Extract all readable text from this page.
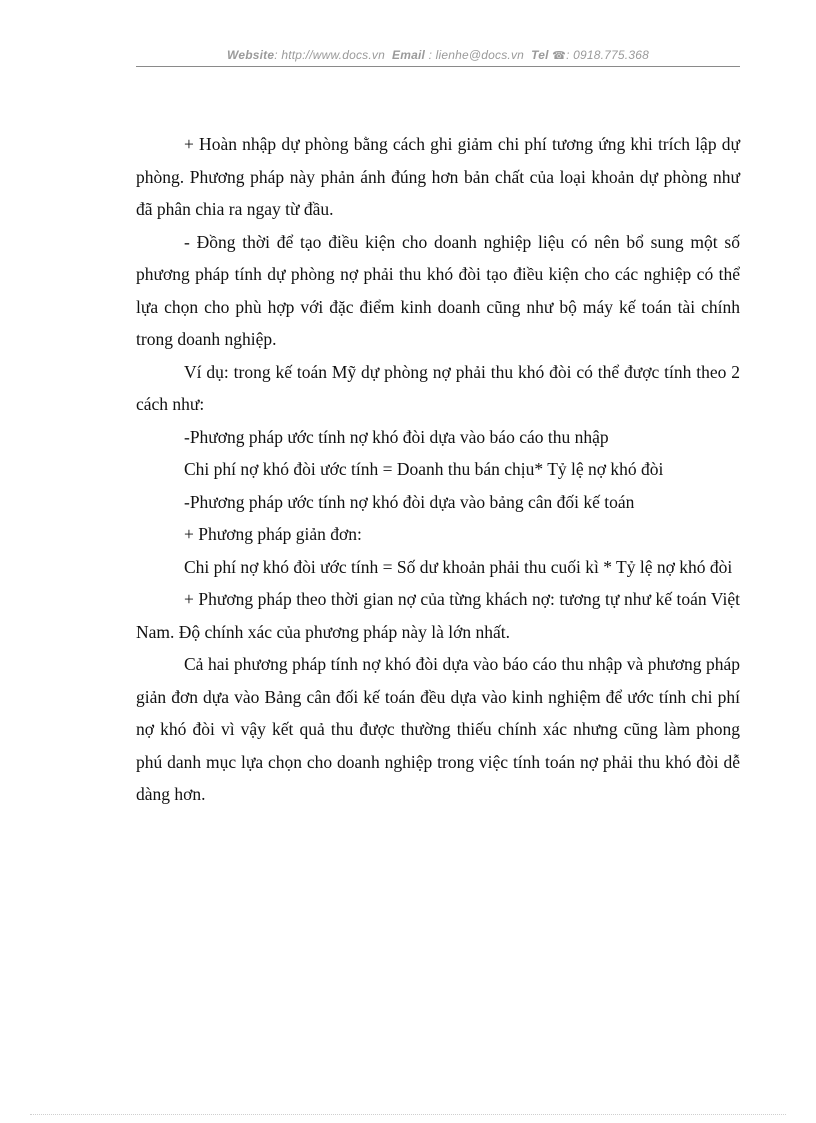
Website: http://www.docs.vn Email : lienhe@docs.vn Tel ☎: 0918.775.368

+ Hoàn nhập dự phòng bằng cách ghi giảm chi phí tương ứng khi trích lập dự phòng. Phương pháp này phản ánh đúng hơn bản chất của loại khoản dự phòng như đã phân chia ra ngay từ đầu.

- Đồng thời để tạo điều kiện cho doanh nghiệp liệu có nên bổ sung một số phương pháp tính dự phòng nợ phải thu khó đòi tạo điều kiện cho các nghiệp có thể lựa chọn cho phù hợp với đặc điểm kinh doanh cũng như bộ máy kế toán tài chính trong doanh nghiệp.

Ví dụ: trong kế toán Mỹ dự phòng nợ phải thu khó đòi có thể được tính theo 2 cách như:

-Phương pháp ước tính nợ khó đòi dựa vào báo cáo thu nhập

Chi phí nợ khó đòi ước tính = Doanh thu bán chịu* Tỷ lệ nợ khó đòi

-Phương pháp ước tính nợ khó đòi dựa vào bảng cân đối kế toán

+ Phương pháp giản đơn:

Chi phí nợ khó đòi ước tính = Số dư khoản phải thu cuối kì * Tỷ lệ nợ khó đòi

+ Phương pháp theo thời gian nợ của từng khách nợ: tương tự như kế toán Việt Nam. Độ chính xác của phương pháp này là lớn nhất.

Cả hai phương pháp tính nợ khó đòi dựa vào báo cáo thu nhập và phương pháp giản đơn dựa vào Bảng cân đối kế toán đều dựa vào kinh nghiệm để ước tính chi phí nợ khó đòi vì vậy kết quả thu được thường thiếu chính xác nhưng cũng làm phong phú danh mục lựa chọn cho doanh nghiệp trong việc tính toán nợ phải thu khó đòi dễ dàng hơn.
